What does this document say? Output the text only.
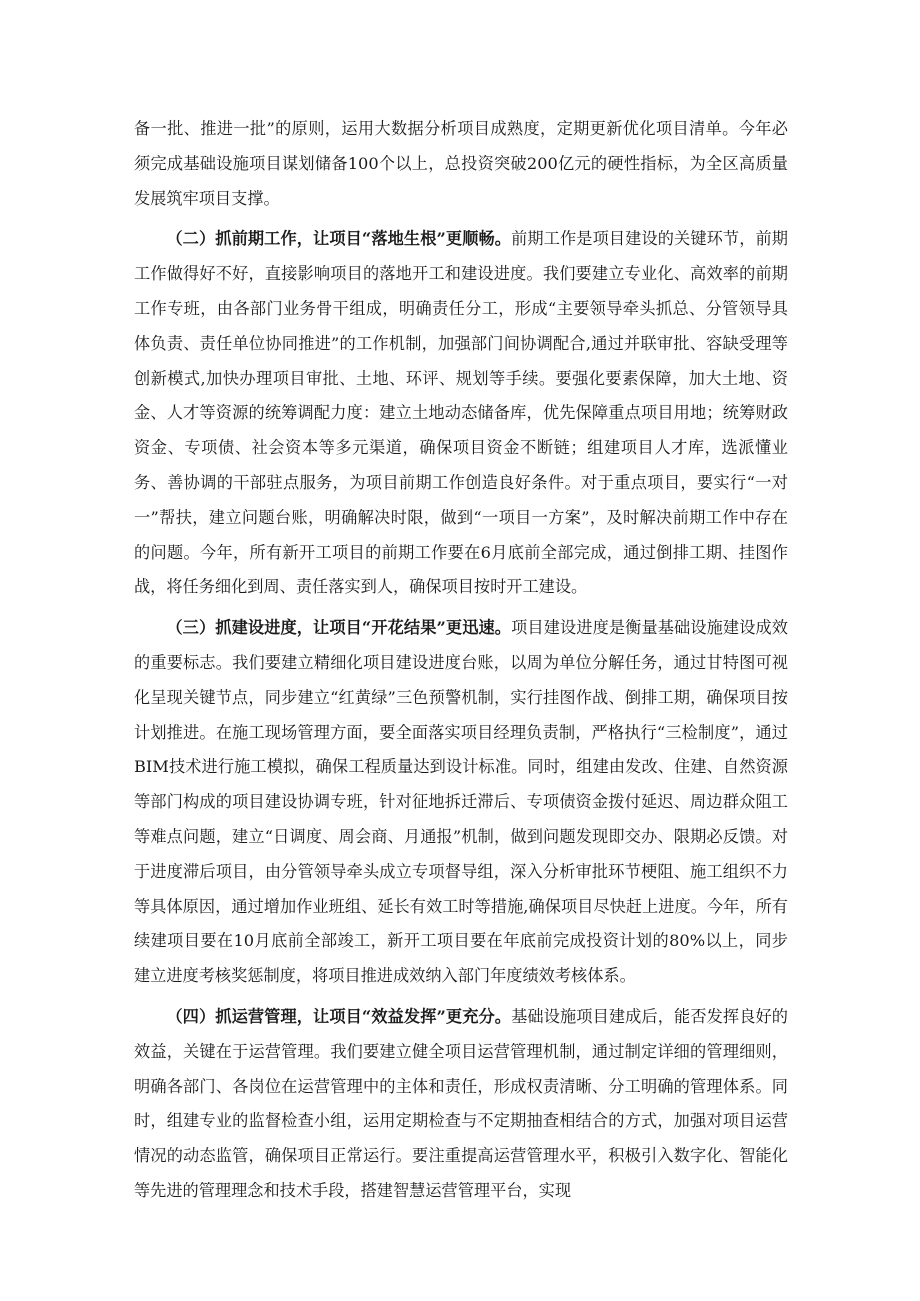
备一批、推进一批”的原则，运用大数据分析项目成熟度，定期更新优化项目清单。今年必须完成基础设施项目谋划储备100个以上，总投资突破200亿元的硬性指标，为全区高质量发展筑牢项目支撑。

（二）抓前期工作，让项目“落地生根”更顺畅。前期工作是项目建设的关键环节，前期工作做得好不好，直接影响项目的落地开工和建设进度。我们要建立专业化、高效率的前期工作专班，由各部门业务骨干组成，明确责任分工，形成“主要领导牵头抓总、分管领导具体负责、责任单位协同推进”的工作机制，加强部门间协调配合,通过并联审批、容缺受理等创新模式,加快办理项目审批、土地、环评、规划等手续。要强化要素保障，加大土地、资金、人才等资源的统筹调配力度：建立土地动态储备库，优先保障重点项目用地；统筹财政资金、专项债、社会资本等多元渠道，确保项目资金不断链；组建项目人才库，选派懂业务、善协调的干部驻点服务，为项目前期工作创造良好条件。对于重点项目，要实行“一对一”帮扶，建立问题台账，明确解决时限，做到“一项目一方案”，及时解决前期工作中存在的问题。今年，所有新开工项目的前期工作要在6月底前全部完成，通过倒排工期、挂图作战，将任务细化到周、责任落实到人，确保项目按时开工建设。

（三）抓建设进度，让项目“开花结果”更迅速。项目建设进度是衡量基础设施建设成效的重要标志。我们要建立精细化项目建设进度台账，以周为单位分解任务，通过甘特图可视化呈现关键节点，同步建立“红黄绿”三色预警机制，实行挂图作战、倒排工期，确保项目按计划推进。在施工现场管理方面，要全面落实项目经理负责制，严格执行“三检制度”，通过BIM技术进行施工模拟，确保工程质量达到设计标准。同时，组建由发改、住建、自然资源等部门构成的项目建设协调专班，针对征地拆迁滞后、专项债资金拨付延迟、周边群众阻工等难点问题，建立“日调度、周会商、月通报”机制，做到问题发现即交办、限期必反馈。对于进度滞后项目，由分管领导牵头成立专项督导组，深入分析审批环节梗阻、施工组织不力等具体原因，通过增加作业班组、延长有效工时等措施,确保项目尽快赶上进度。今年，所有续建项目要在10月底前全部竣工，新开工项目要在年底前完成投资计划的80%以上，同步建立进度考核奖惩制度，将项目推进成效纳入部门年度绩效考核体系。

（四）抓运营管理，让项目“效益发挥”更充分。基础设施项目建成后，能否发挥良好的效益，关键在于运营管理。我们要建立健全项目运营管理机制，通过制定详细的管理细则，明确各部门、各岗位在运营管理中的主体和责任，形成权责清晰、分工明确的管理体系。同时，组建专业的监督检查小组，运用定期检查与不定期抽查相结合的方式，加强对项目运营情况的动态监管，确保项目正常运行。要注重提高运营管理水平，积极引入数字化、智能化等先进的管理理念和技术手段，搭建智慧运营管理平台，实现
